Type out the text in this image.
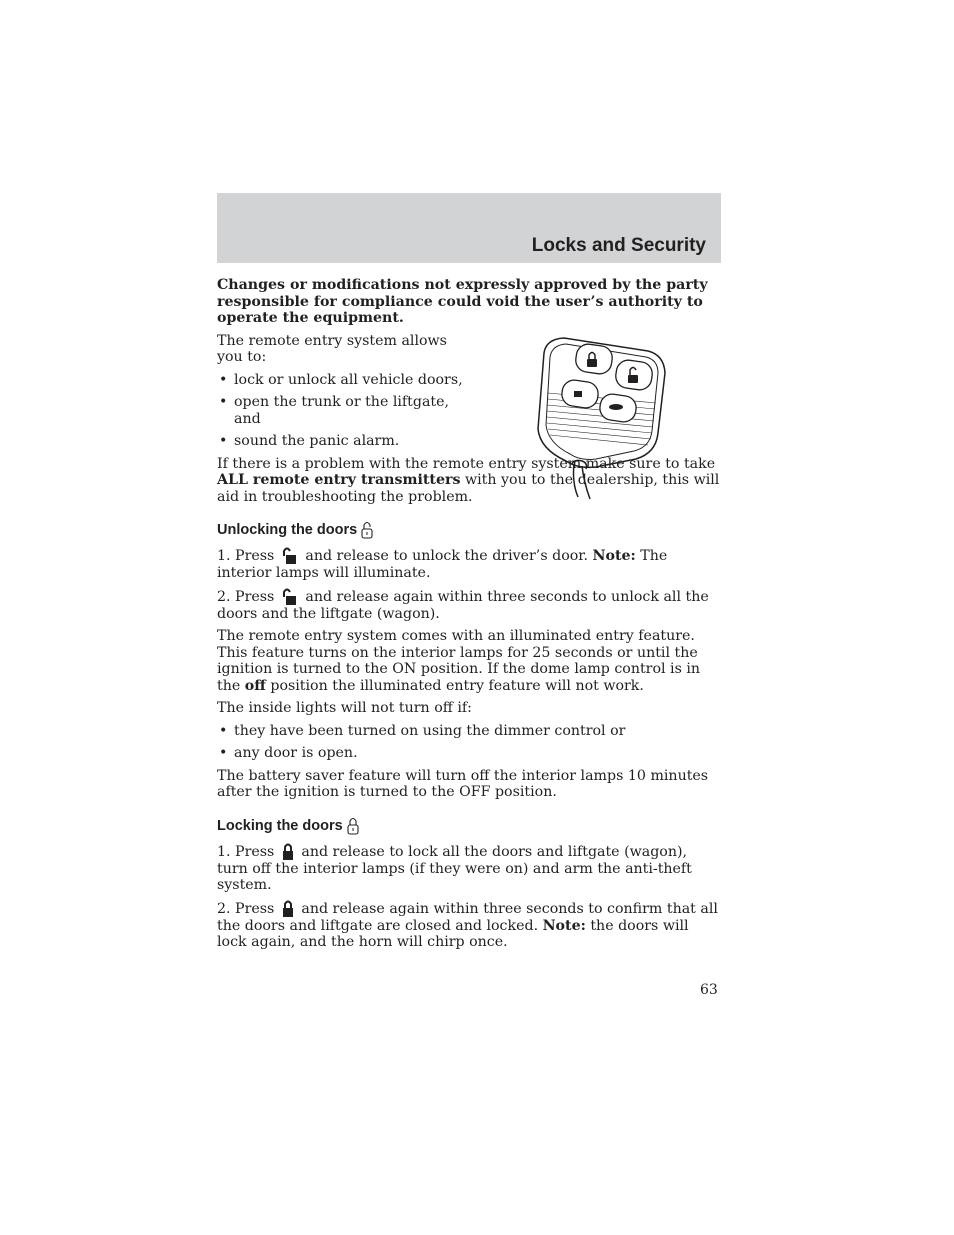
Locks and Security

Changes or modifications not expressly approved by the party responsible for compliance could void the user’s authority to operate the equipment.

The remote entry system allows you to:

• lock or unlock all vehicle doors,
• open the trunk or the liftgate, and
• sound the panic alarm.

If there is a problem with the remote entry system make sure to take ALL remote entry transmitters with you to the dealership, this will aid in troubleshooting the problem.

Unlocking the doors

1. Press  and release to unlock the driver’s door. Note: The interior lamps will illuminate.

2. Press  and release again within three seconds to unlock all the doors and the liftgate (wagon).

The remote entry system comes with an illuminated entry feature. This feature turns on the interior lamps for 25 seconds or until the ignition is turned to the ON position. If the dome lamp control is in the off position the illuminated entry feature will not work.

The inside lights will not turn off if:

• they have been turned on using the dimmer control or
• any door is open.

The battery saver feature will turn off the interior lamps 10 minutes after the ignition is turned to the OFF position.

Locking the doors

1. Press  and release to lock all the doors and liftgate (wagon), turn off the interior lamps (if they were on) and arm the anti-theft system.

2. Press  and release again within three seconds to confirm that all the doors and liftgate are closed and locked. Note: the doors will lock again, and the horn will chirp once.

63
